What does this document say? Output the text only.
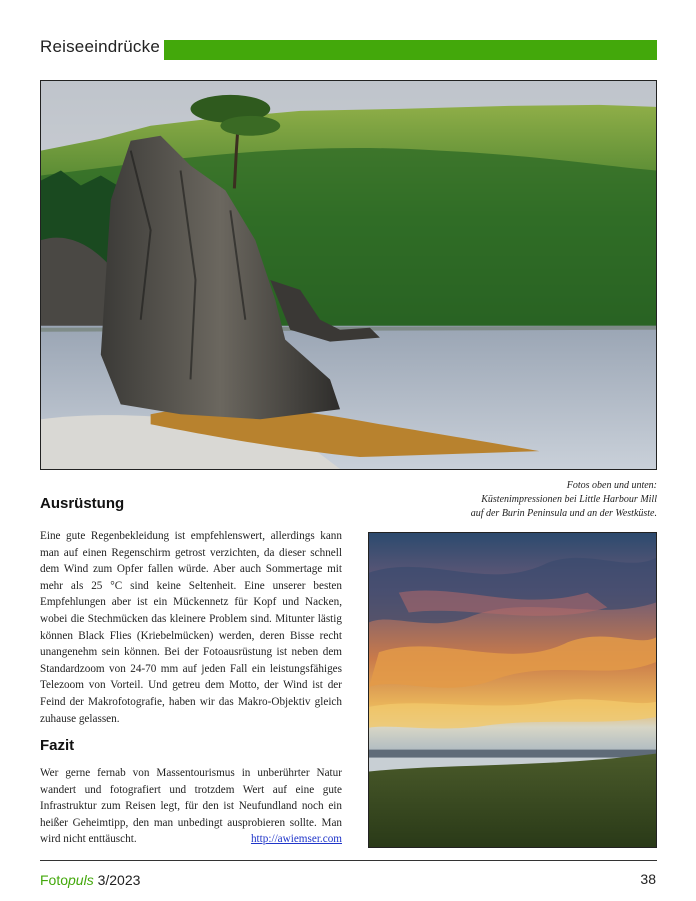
Reiseeindrücke
Fotos oben und unten:
Küstenimpressionen bei Little Harbour Mill
auf der Burin Peninsula und an der Westküste.
Ausrüstung
Eine gute Regenbekleidung ist empfehlenswert, allerdings kann man auf einen Regenschirm getrost verzichten, da dieser schnell dem Wind zum Opfer fallen würde. Aber auch Sommertage mit mehr als 25 °C sind keine Seltenheit. Eine unserer besten Empfehlungen aber ist ein Mückennetz für Kopf und Nacken, wobei die Stechmücken das kleinere Problem sind. Mitunter lästig können Black Flies (Kriebelmücken) werden, deren Bisse recht unangenehm sein können. Bei der Fotoausrüstung ist neben dem Standardzoom von 24-70 mm auf jeden Fall ein leistungsfähiges Telezoom von Vorteil. Und getreu dem Motto, der Wind ist der Feind der Makrofotografie, haben wir das Makro-Objektiv gleich zuhause gelassen.
Fazit
Wer gerne fernab von Massentourismus in unberührter Natur wandert und fotografiert und trotzdem Wert auf eine gute Infrastruktur zum Reisen legt, für den ist Neufundland noch ein heißer Geheimtipp, den man unbedingt ausprobieren sollte. Man wird nicht enttäuscht.	http://awiemser.com
Fotopuls 3/2023	38
